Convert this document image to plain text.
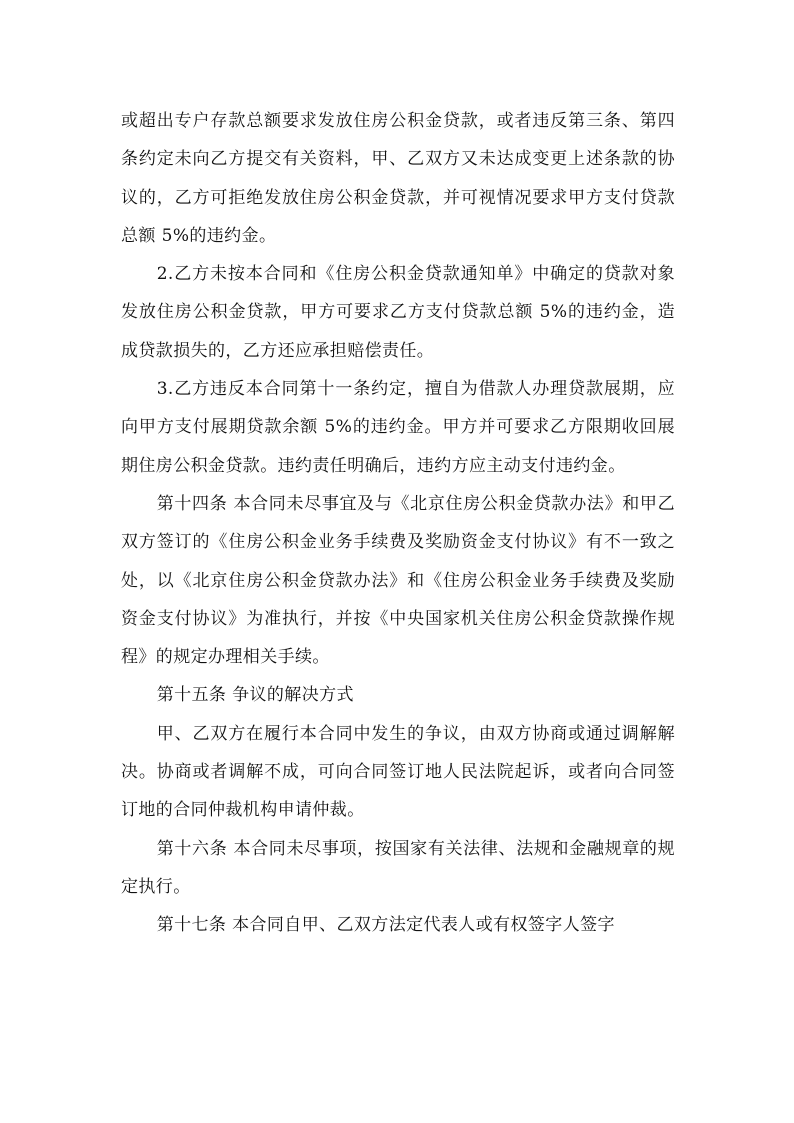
或超出专户存款总额要求发放住房公积金贷款，或者违反第三条、第四条约定未向乙方提交有关资料，甲、乙双方又未达成变更上述条款的协议的，乙方可拒绝发放住房公积金贷款，并可视情况要求甲方支付贷款总额 5%的违约金。

2.乙方未按本合同和《住房公积金贷款通知单》中确定的贷款对象发放住房公积金贷款，甲方可要求乙方支付贷款总额 5%的违约金，造成贷款损失的，乙方还应承担赔偿责任。

3.乙方违反本合同第十一条约定，擅自为借款人办理贷款展期，应向甲方支付展期贷款余额 5%的违约金。甲方并可要求乙方限期收回展期住房公积金贷款。违约责任明确后，违约方应主动支付违约金。

第十四条 本合同未尽事宜及与《北京住房公积金贷款办法》和甲乙双方签订的《住房公积金业务手续费及奖励资金支付协议》有不一致之处，以《北京住房公积金贷款办法》和《住房公积金业务手续费及奖励资金支付协议》为准执行，并按《中央国家机关住房公积金贷款操作规程》的规定办理相关手续。

第十五条 争议的解决方式

甲、乙双方在履行本合同中发生的争议，由双方协商或通过调解解决。协商或者调解不成，可向合同签订地人民法院起诉，或者向合同签订地的合同仲裁机构申请仲裁。

第十六条 本合同未尽事项，按国家有关法律、法规和金融规章的规定执行。

第十七条 本合同自甲、乙双方法定代表人或有权签字人签字
